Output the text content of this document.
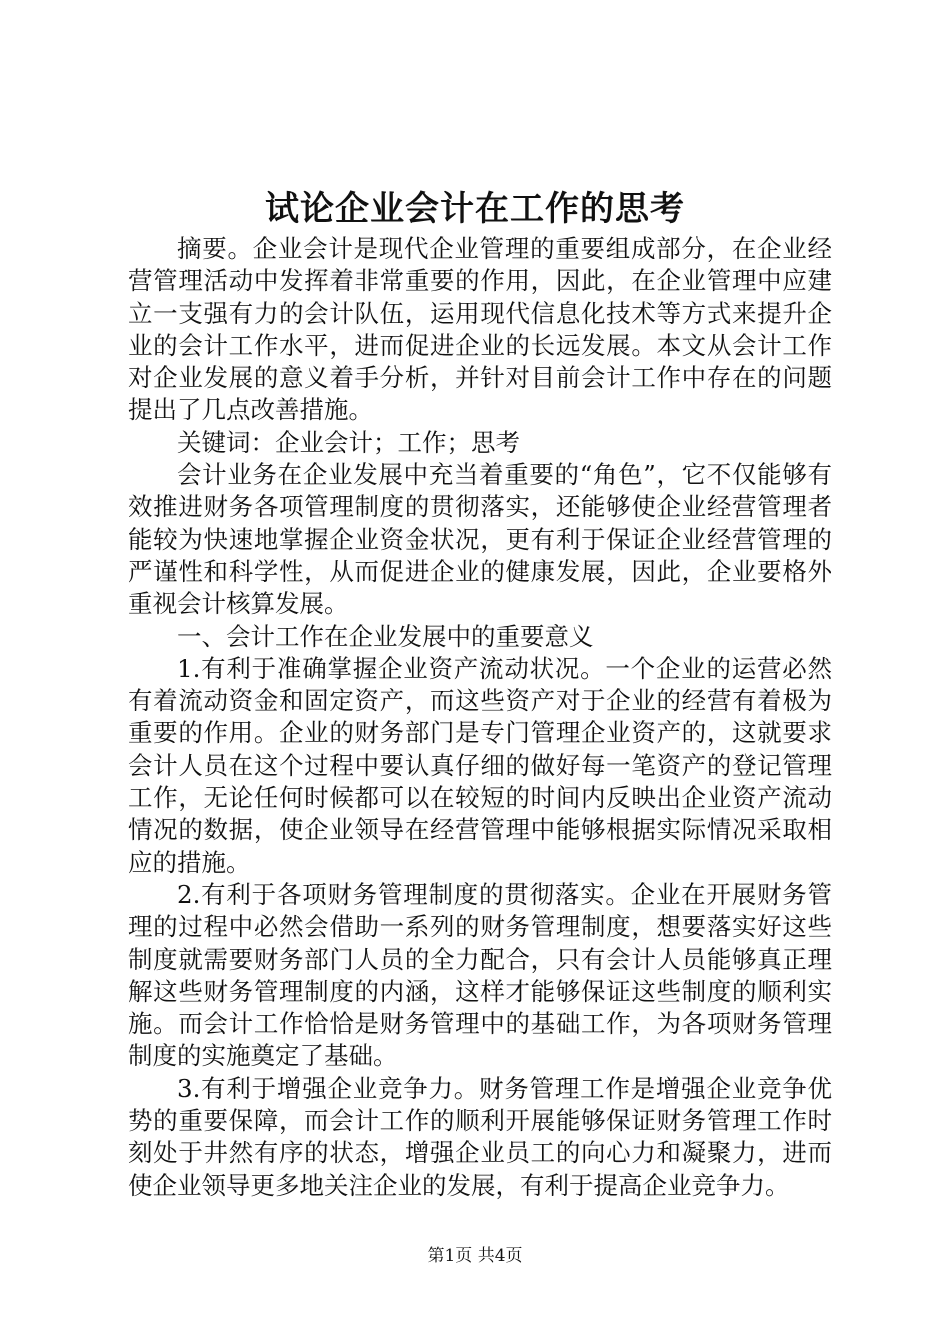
试论企业会计在工作的思考

摘要。企业会计是现代企业管理的重要组成部分，在企业经营管理活动中发挥着非常重要的作用，因此，在企业管理中应建立一支强有力的会计队伍，运用现代信息化技术等方式来提升企业的会计工作水平，进而促进企业的长远发展。本文从会计工作对企业发展的意义着手分析，并针对目前会计工作中存在的问题提出了几点改善措施。

关键词：企业会计；工作；思考

会计业务在企业发展中充当着重要的“角色”，它不仅能够有效推进财务各项管理制度的贯彻落实，还能够使企业经营管理者能较为快速地掌握企业资金状况，更有利于保证企业经营管理的严谨性和科学性，从而促进企业的健康发展，因此，企业要格外重视会计核算发展。

一、会计工作在企业发展中的重要意义

1.有利于准确掌握企业资产流动状况。一个企业的运营必然有着流动资金和固定资产，而这些资产对于企业的经营有着极为重要的作用。企业的财务部门是专门管理企业资产的，这就要求会计人员在这个过程中要认真仔细的做好每一笔资产的登记管理工作，无论任何时候都可以在较短的时间内反映出企业资产流动情况的数据，使企业领导在经营管理中能够根据实际情况采取相应的措施。

2.有利于各项财务管理制度的贯彻落实。企业在开展财务管理的过程中必然会借助一系列的财务管理制度，想要落实好这些制度就需要财务部门人员的全力配合，只有会计人员能够真正理解这些财务管理制度的内涵，这样才能够保证这些制度的顺利实施。而会计工作恰恰是财务管理中的基础工作，为各项财务管理制度的实施奠定了基础。

3.有利于增强企业竞争力。财务管理工作是增强企业竞争优势的重要保障，而会计工作的顺利开展能够保证财务管理工作时刻处于井然有序的状态，增强企业员工的向心力和凝聚力，进而使企业领导更多地关注企业的发展，有利于提高企业竞争力。

第1页 共4页
